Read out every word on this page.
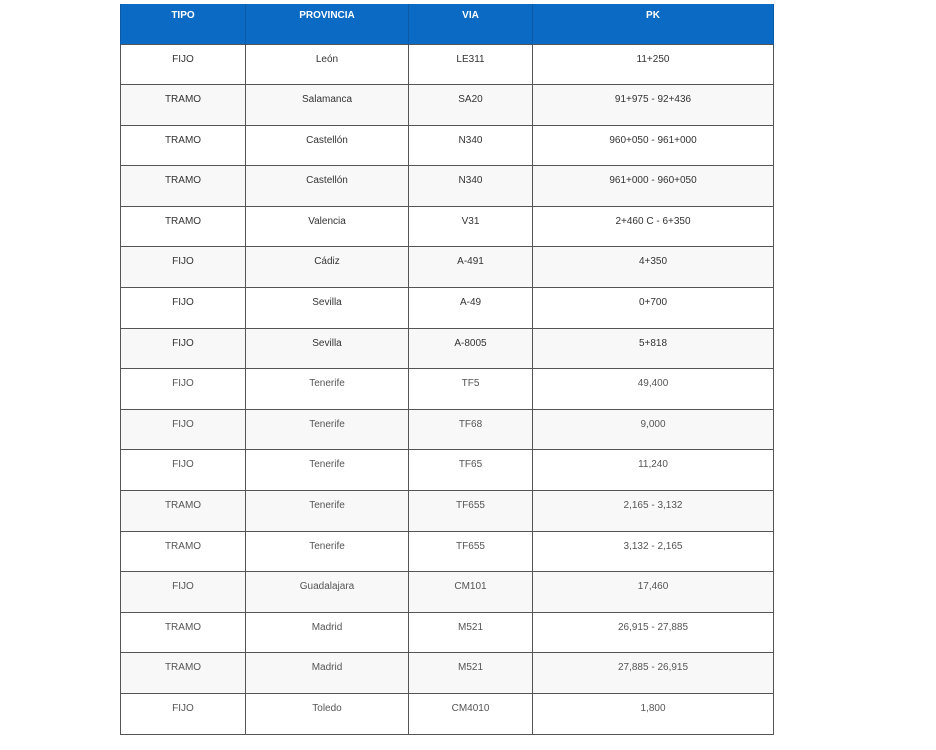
TIPO	PROVINCIA	VIA	PK
FIJO	León	LE311	11+250
TRAMO	Salamanca	SA20	91+975 - 92+436
TRAMO	Castellón	N340	960+050 - 961+000
TRAMO	Castellón	N340	961+000 - 960+050
TRAMO	Valencia	V31	2+460 C - 6+350
FIJO	Cádiz	A-491	4+350
FIJO	Sevilla	A-49	0+700
FIJO	Sevilla	A-8005	5+818
FIJO	Tenerife	TF5	49,400
FIJO	Tenerife	TF68	9,000
FIJO	Tenerife	TF65	11,240
TRAMO	Tenerife	TF655	2,165 - 3,132
TRAMO	Tenerife	TF655	3,132 - 2,165
FIJO	Guadalajara	CM101	17,460
TRAMO	Madrid	M521	26,915 - 27,885
TRAMO	Madrid	M521	27,885 - 26,915
FIJO	Toledo	CM4010	1,800
